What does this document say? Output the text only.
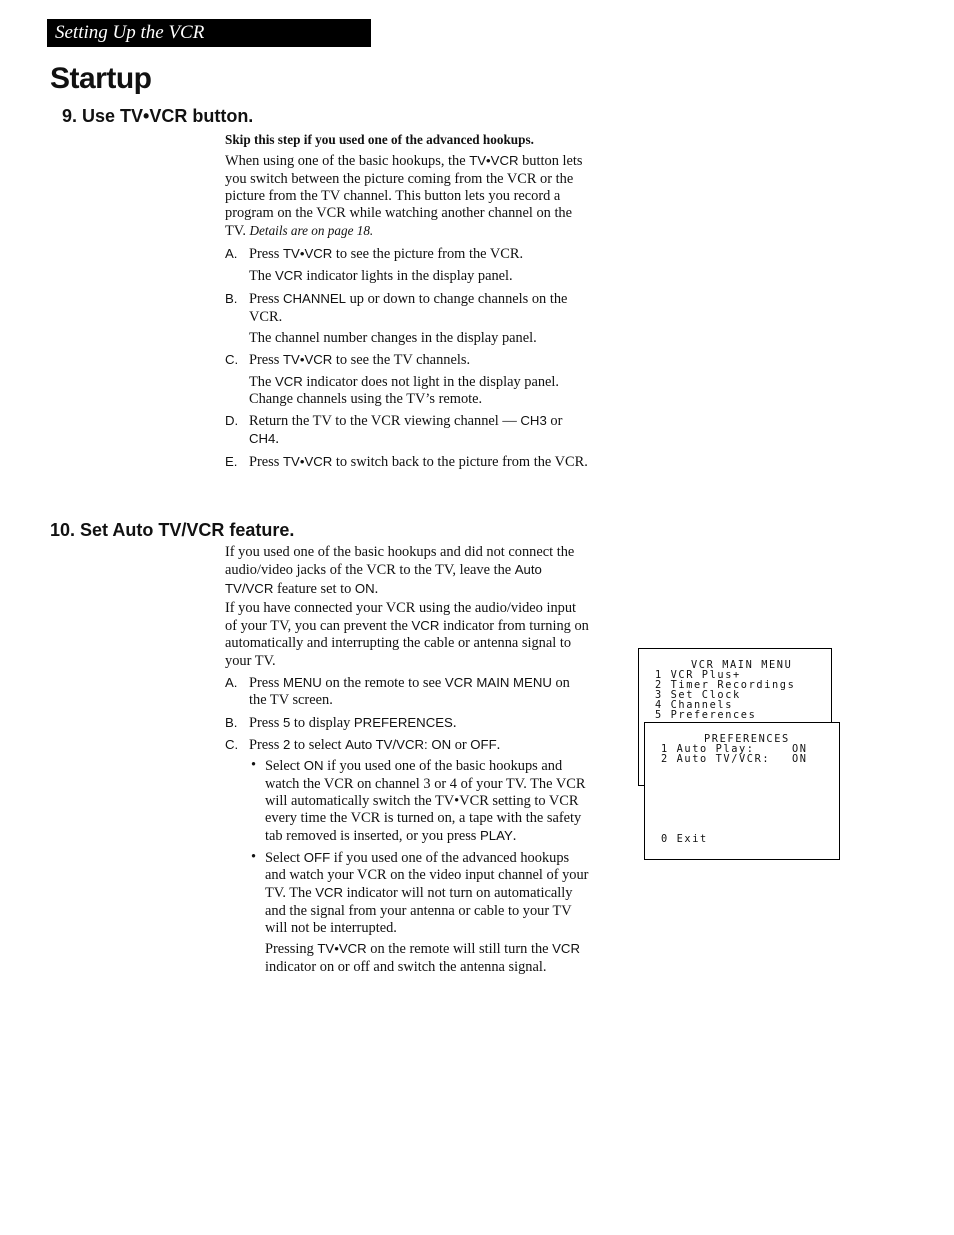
Setting Up the VCR
Startup
9. Use TV•VCR button.

Skip this step if you used one of the advanced hookups.

When using one of the basic hookups, the TV•VCR button lets you switch between the picture coming from the VCR or the picture from the TV channel. This button lets you record a program on the VCR while watching another channel on the TV. Details are on page 18.

A. Press TV•VCR to see the picture from the VCR.

The VCR indicator lights in the display panel.

B. Press CHANNEL up or down to change channels on the VCR.

The channel number changes in the display panel.

C. Press TV•VCR to see the TV channels.

The VCR indicator does not light in the display panel. Change channels using the TV’s remote.

D. Return the TV to the VCR viewing channel — CH3 or CH4.

E. Press TV•VCR to switch back to the picture from the VCR.

10. Set Auto TV/VCR feature.

If you used one of the basic hookups and did not connect the audio/video jacks of the VCR to the TV, leave the Auto TV/VCR feature set to ON.

If you have connected your VCR using the audio/video input of your TV, you can prevent the VCR indicator from turning on automatically and interrupting the cable or antenna signal to your TV.

A. Press MENU on the remote to see VCR MAIN MENU on the TV screen.

B. Press 5 to display PREFERENCES.

C. Press 2 to select Auto TV/VCR: ON or OFF.

• Select ON if you used one of the basic hookups and watch the VCR on channel 3 or 4 of your TV. The VCR will automatically switch the TV•VCR setting to VCR every time the VCR is turned on, a tape with the safety tab removed is inserted, or you press PLAY.

• Select OFF if you used one of the advanced hookups and watch your VCR on the video input channel of your TV. The VCR indicator will not turn on automatically and the signal from your antenna or cable to your TV will not be interrupted.

Pressing TV•VCR on the remote will still turn the VCR indicator on or off and switch the antenna signal.

VCR MAIN MENU

1 VCR Plus+

2 Timer Recordings

3 Set Clock

4 Channels

5 Preferences

PREFERENCES

1 Auto Play:

	ON

2 Auto TV/VCR:

ON

0 Exit
